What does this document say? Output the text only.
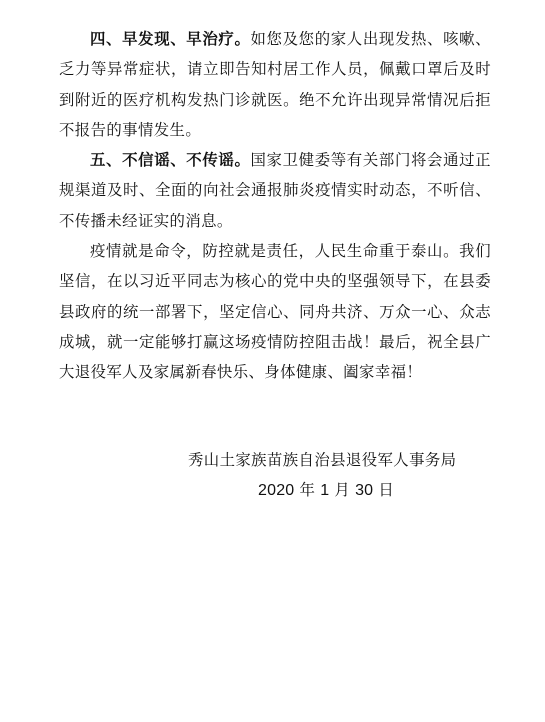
四、早发现、早治疗。如您及您的家人出现发热、咳嗽、乏力等异常症状，请立即告知村居工作人员，佩戴口罩后及时到附近的医疗机构发热门诊就医。绝不允许出现异常情况后拒不报告的事情发生。

五、不信谣、不传谣。国家卫健委等有关部门将会通过正规渠道及时、全面的向社会通报肺炎疫情实时动态，不听信、不传播未经证实的消息。

疫情就是命令，防控就是责任，人民生命重于泰山。我们坚信，在以习近平同志为核心的党中央的坚强领导下，在县委县政府的统一部署下，坚定信心、同舟共济、万众一心、众志成城，就一定能够打赢这场疫情防控阻击战！最后，祝全县广大退役军人及家属新春快乐、身体健康、阖家幸福！

秀山土家族苗族自治县退役军人事务局
2020 年 1 月 30 日
